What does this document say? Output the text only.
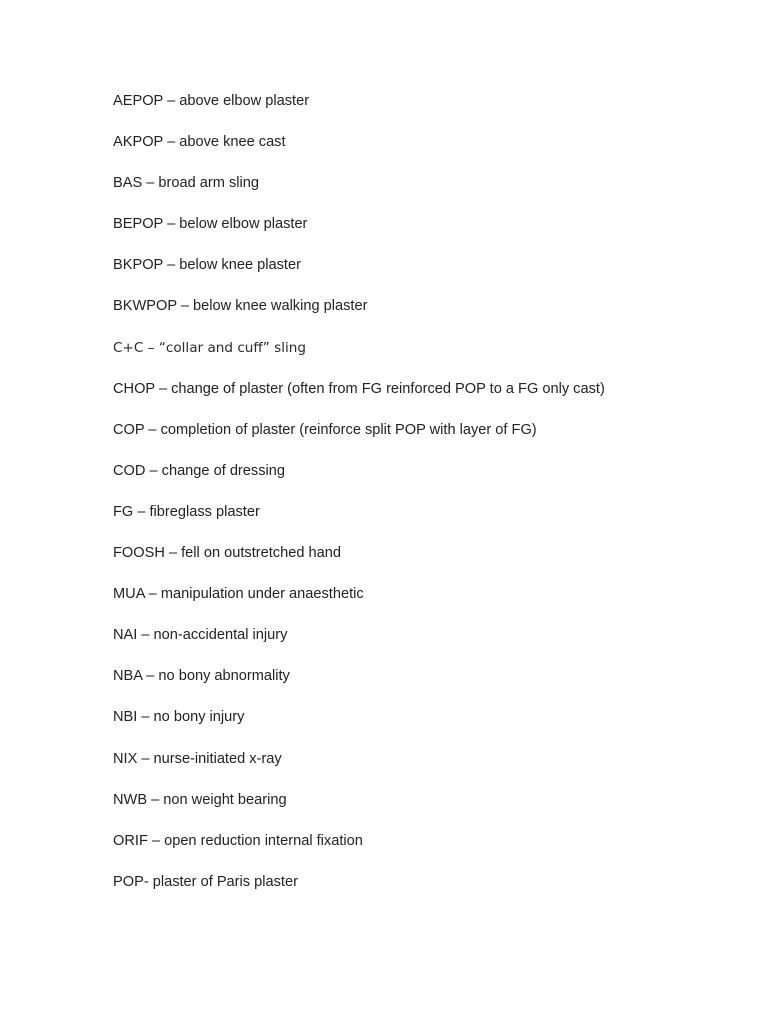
AEPOP – above elbow plaster
AKPOP – above knee cast
BAS – broad arm sling
BEPOP – below elbow plaster
BKPOP – below knee plaster
BKWPOP – below knee walking plaster
C+C – “collar and cuff” sling
CHOP – change of plaster (often from FG reinforced POP to a FG only cast)
COP – completion of plaster (reinforce split POP with layer of FG)
COD – change of dressing
FG – fibreglass plaster
FOOSH – fell on outstretched hand
MUA – manipulation under anaesthetic
NAI – non-accidental injury
NBA – no bony abnormality
NBI – no bony injury
NIX – nurse-initiated x-ray
NWB – non weight bearing
ORIF – open reduction internal fixation
POP- plaster of Paris plaster
